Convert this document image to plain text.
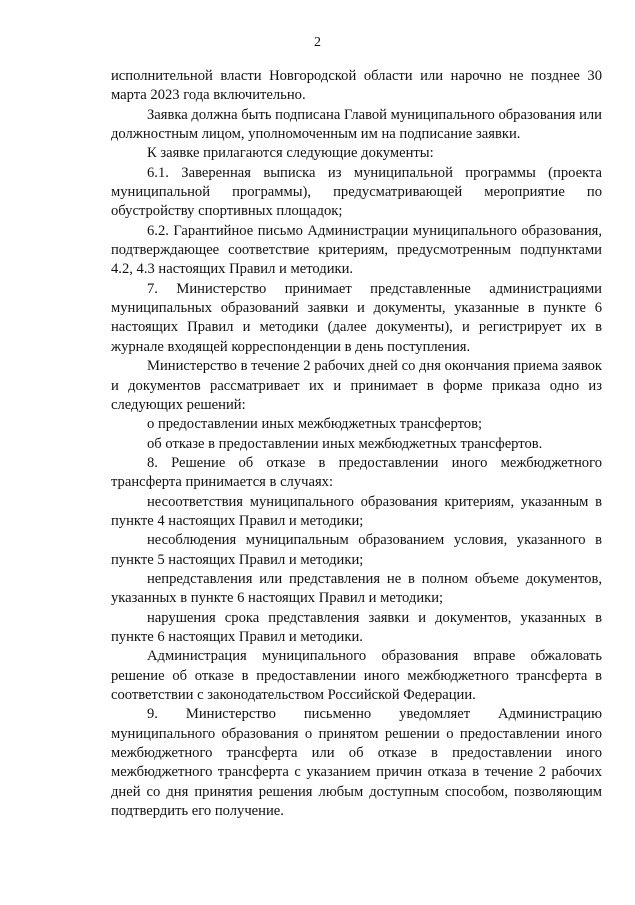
2

исполнительной власти Новгородской области или нарочно не позднее 30 марта 2023 года включительно.

Заявка должна быть подписана Главой муниципального образования или должностным лицом, уполномоченным им на подписание заявки.

К заявке прилагаются следующие документы:

6.1. Заверенная выписка из муниципальной программы (проекта муниципальной программы), предусматривающей мероприятие по обустройству спортивных площадок;

6.2. Гарантийное письмо Администрации муниципального образования, подтверждающее соответствие критериям, предусмотренным подпунктами 4.2, 4.3 настоящих Правил и методики.

7. Министерство принимает представленные администрациями муниципальных образований заявки и документы, указанные в пункте 6 настоящих Правил и методики (далее документы), и регистрирует их в журнале входящей корреспонденции в день поступления.

Министерство в течение 2 рабочих дней со дня окончания приема заявок и документов рассматривает их и принимает в форме приказа одно из следующих решений:

о предоставлении иных межбюджетных трансфертов;

об отказе в предоставлении иных межбюджетных трансфертов.

8. Решение об отказе в предоставлении иного межбюджетного трансферта принимается в случаях:

несоответствия муниципального образования критериям, указанным в пункте 4 настоящих Правил и методики;

несоблюдения муниципальным образованием условия, указанного в пункте 5 настоящих Правил и методики;

непредставления или представления не в полном объеме документов, указанных в пункте 6 настоящих Правил и методики;

нарушения срока представления заявки и документов, указанных в пункте 6 настоящих Правил и методики.

Администрация муниципального образования вправе обжаловать решение об отказе в предоставлении иного межбюджетного трансферта в соответствии с законодательством Российской Федерации.

9. Министерство письменно уведомляет Администрацию муниципального образования о принятом решении о предоставлении иного межбюджетного трансферта или об отказе в предоставлении иного межбюджетного трансферта с указанием причин отказа в течение 2 рабочих дней со дня принятия решения любым доступным способом, позволяющим подтвердить его получение.
